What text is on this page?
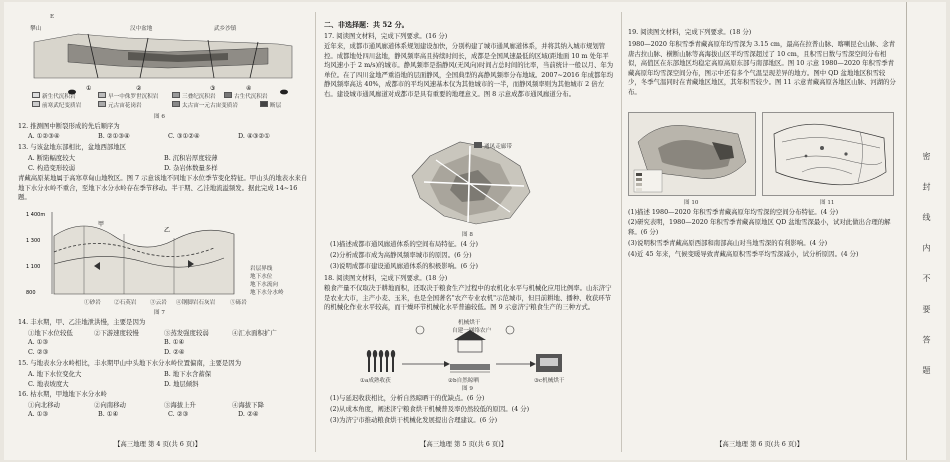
①	②	③	④
攀山	汉中盆地	武乡沙镇
E
新生代沉积岩	早一中侏罗世沉积岩	三叠纪沉积岩	古生代沉积岩
前寒武纪变质岩	元古宙花岗岩	太古宙一元古宙变质岩	断层
图 6
12. 推测图中断裂形成的先后顺序为
A. ①②③④	B. ②①③④	C. ③①②④	D. ④③②①
13. 与该盆地东部相比，盆地西部地区
A. 断陷幅度较大	B. 沉积岩厚度较薄
C. 构造变形较弱	D. 杂岩体数量多样
青藏高原某地属于高寒草甸山地牧区。图 7 示意该地不同地下水位季节变化特征。甲山头的地表水来自地下水分水岭不重合，至地下水分水岭存在季节移动。半干期、乙洼地流溢频发。据此完成 14~16 题。
1 400m
1 300
1 100
800
甲
乙
岩层界线
地下水位
地下水流向
地下水分水岭
①砂岩 ②石英岩 ③云岩 ④钢脚岩石灰岩	⑤砾岩
图 7
14. 丰水期，甲、乙洼地泄洪慢，主要是因为
①地下水位较低	②下游速度较慢	③蒸发强度较弱	④汇水面积扩广
A. ①③	B. ①④
C. ②③	D. ②④
15. 与地表水分水岭相比，丰水期甲山中头地下水分水岭位置偏南，主要是因为
A. 地下水位变化大	B. 地下水含蓄保
C. 地表坡度大	D. 地层倾斜
16. 枯水期，甲地地下水分水岭
①向北移动	②向南移动	③海拔上升	④海拔下降
A. ①③	B. ①④	C. ②③	D. ②④
【高三地理 第 4 页(共 6 页)】
二、非选择题：共 52 分。
17. 阅读图文材料，完成下列要求。(16 分)
近年来，成都市通风廊道体系规划建设加快，分别构建了城市通风廊道体系，并将其纳入城市规划管控。成都地处四川盆地，静风频率高且持续时间长，成都是全国风速最低的区域(距地面 10 m 处年平均风速小于 2 m/s)的城市。静风频率是指静风(无风向)时间占总时间的比率，当前统计一般以月、年为单位。在了四川盆地严重沿地的层面静风，全国典型的高静风频率分布地域。2007~2016 年成都年均静风频率高达 40%，成都市的平均风速基本仅为其他城市的一半，而静风频率则为其他城市 2 倍左右。建设城市通风廊道对成都市是具有重要的地理意义。图 8 示意成都市通风廊道分布。
通风走廊带
图 8
(1)描述成都市通风廊道体系的空间布局特征。(4 分)
(2)分析成都市成为高静风频率城市的原因。(6 分)
(3)说明成都市建设通风廊道体系的积极影响。(6 分)
18. 阅读图文材料，完成下列要求。(18 分)
粮食产量不仅取决于耕地面积，还取决于粮食生产过程中的农机化水平与机械化应用比例率。山东济宁是农业大市，主产小麦、玉米，也是全国著名"农产专业农机"示范城市，但目前耕地、播种、收获环节的机械化作业水平较高，而干燥环节机械化水平普遍较低。图 9 示意济宁粮食生产的三种方式。
机械烘干
自建一网络农户
①a成熟收获	②b自然晾晒	③c机械烘干
图 9
(1)与延迟收获相比，分析自然晾晒干的优缺点。(6 分)
(2)从成本角度，阐述济宁粮食烘干机械普及率仍然较低的原因。(4 分)
(3)为济宁市推动粮食烘干机械化发展提出合理建议。(6 分)
【高三地理 第 5 页(共 6 页)】
19. 阅读图文材料，完成下列要求。(18 分)
1980—2020 年积雪季青藏高原年均雪深为 3.15 cm，最高在拉普山脉、喀喇昆仑山脉、念青唐古拉山脉、横断山脉等高海拔山区平均雪深超过了 10 cm，且积雪日数与雪深空间分布相似，高值区在东部地区均稳定高原高原东部与南部地区。图 10 示意 1980—2020 年积雪季青藏高原年均雪深空间分布，图示中还有多个气温呈现差异的地方。图中 QD 盆地地区积雪较少，冬季气温同时在青藏地区地区，其年积雪较少。图 11 示意青藏高原各地区山脉、河湖的分布。
图 10	图 11
(1)描述 1980—2020 年积雪季青藏高原年均雪深的空间分布特征。(4 分)
(2)研究表明，1980—2020 年积雪季青藏高原地区 QD 盆地雪深最小，试对此做出合理的解释。(6 分)
(3)说明积雪季青藏高原西部和南部高山对当地雪深的有利影响。(4 分)
(4)近 45 年来，气候变暖导致青藏高原积雪季平均雪深减小，试分析原因。(4 分)
【高三地理 第 6 页(共 6 页)】
密 封 线 内 不 要 答 题
